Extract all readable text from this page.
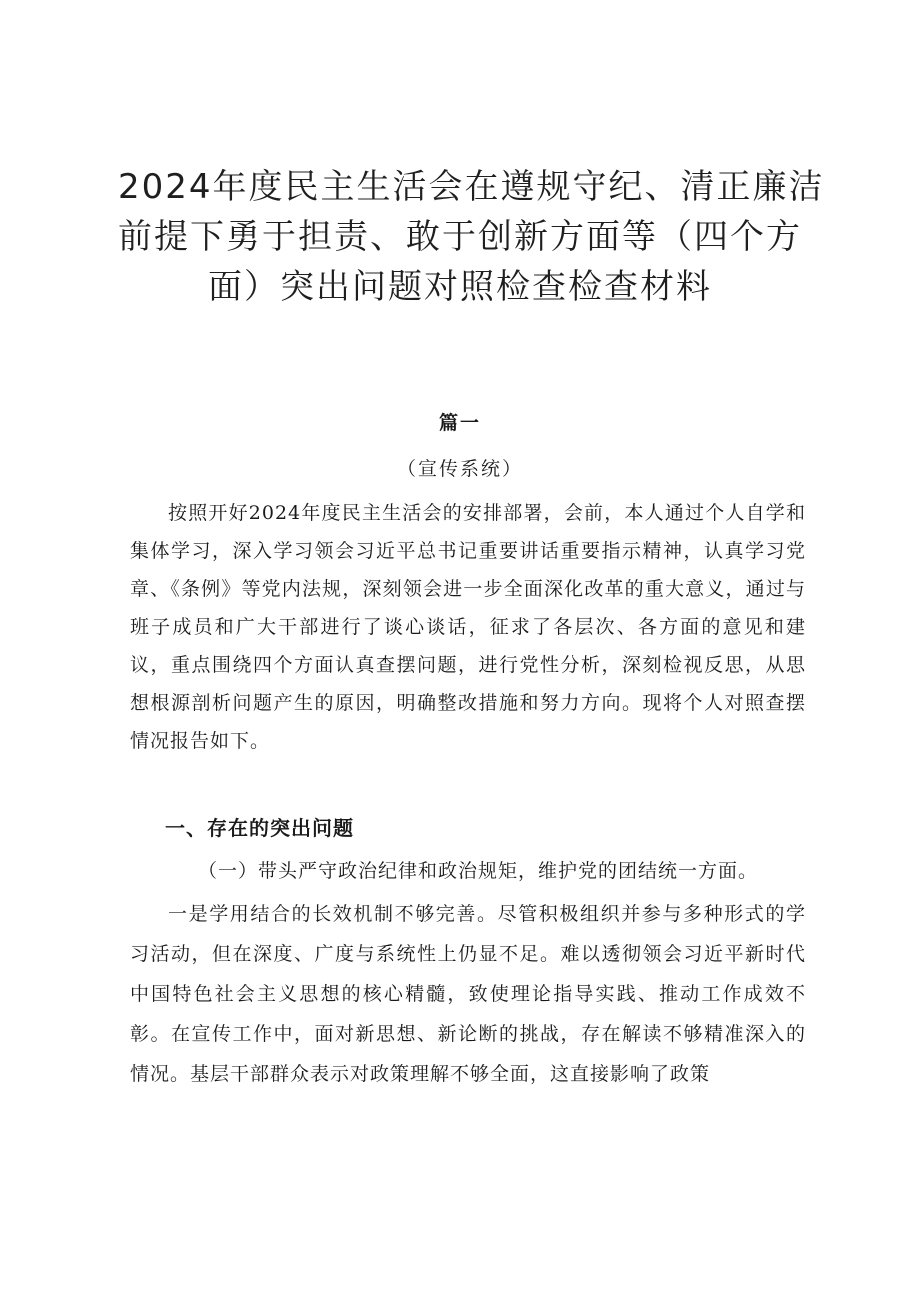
2024年度民主生活会在遵规守纪、清正廉洁
前提下勇于担责、敢于创新方面等（四个方
面）突出问题对照检查检查材料

篇一

（宣传系统）

按照开好2024年度民主生活会的安排部署，会前，本人通过个人自学和集体学习，深入学习领会习近平总书记重要讲话重要指示精神，认真学习党章、《条例》等党内法规，深刻领会进一步全面深化改革的重大意义，通过与班子成员和广大干部进行了谈心谈话，征求了各层次、各方面的意见和建议，重点围绕四个方面认真查摆问题，进行党性分析，深刻检视反思，从思想根源剖析问题产生的原因，明确整改措施和努力方向。现将个人对照查摆情况报告如下。

一、存在的突出问题

（一）带头严守政治纪律和政治规矩，维护党的团结统一方面。

一是学用结合的长效机制不够完善。尽管积极组织并参与多种形式的学习活动，但在深度、广度与系统性上仍显不足。难以透彻领会习近平新时代中国特色社会主义思想的核心精髓，致使理论指导实践、推动工作成效不彰。在宣传工作中，面对新思想、新论断的挑战，存在解读不够精准深入的情况。基层干部群众表示对政策理解不够全面，这直接影响了政策
